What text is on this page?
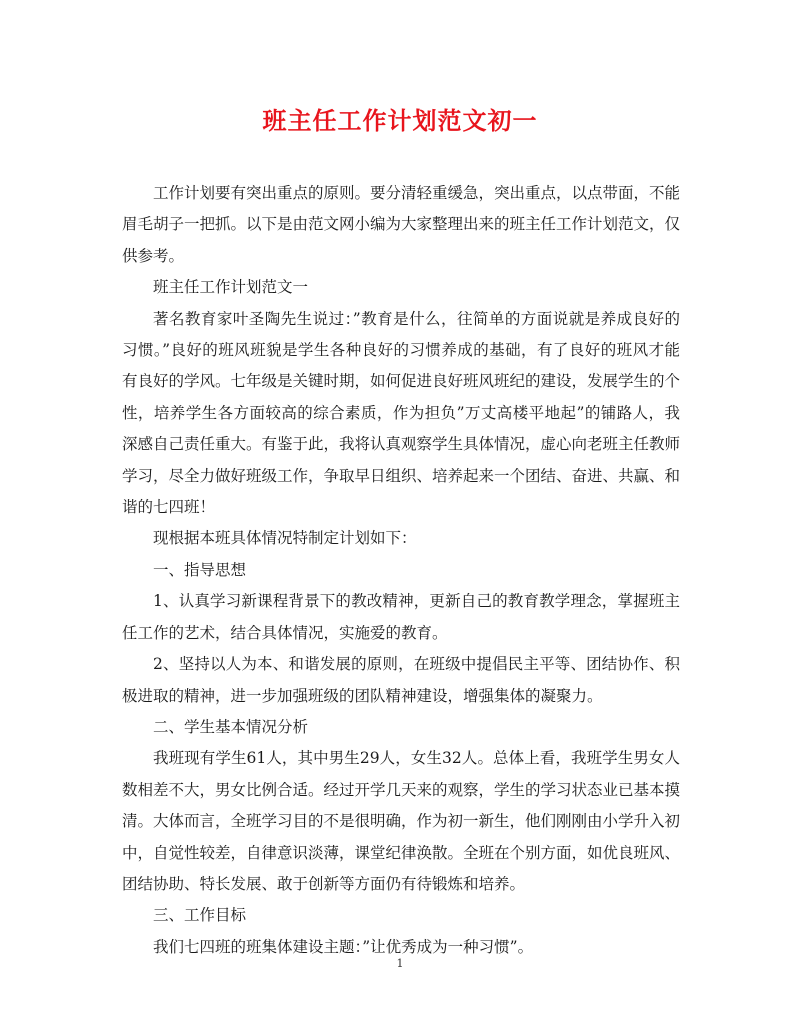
班主任工作计划范文初一

工作计划要有突出重点的原则。要分清轻重缓急，突出重点，以点带面，不能眉毛胡子一把抓。以下是由范文网小编为大家整理出来的班主任工作计划范文，仅供参考。

班主任工作计划范文一

著名教育家叶圣陶先生说过：”教育是什么，往简单的方面说就是养成良好的习惯。”良好的班风班貌是学生各种良好的习惯养成的基础，有了良好的班风才能有良好的学风。七年级是关键时期，如何促进良好班风班纪的建设，发展学生的个性，培养学生各方面较高的综合素质，作为担负”万丈高楼平地起”的铺路人，我深感自己责任重大。有鉴于此，我将认真观察学生具体情况，虚心向老班主任教师学习，尽全力做好班级工作，争取早日组织、培养起来一个团结、奋进、共赢、和谐的七四班！

现根据本班具体情况特制定计划如下：

一、指导思想

1、认真学习新课程背景下的教改精神，更新自己的教育教学理念，掌握班主任工作的艺术，结合具体情况，实施爱的教育。

2、坚持以人为本、和谐发展的原则，在班级中提倡民主平等、团结协作、积极进取的精神，进一步加强班级的团队精神建设，增强集体的凝聚力。

二、学生基本情况分析

我班现有学生61人，其中男生29人，女生32人。总体上看，我班学生男女人数相差不大，男女比例合适。经过开学几天来的观察，学生的学习状态业已基本摸清。大体而言，全班学习目的不是很明确，作为初一新生，他们刚刚由小学升入初中，自觉性较差，自律意识淡薄，课堂纪律涣散。全班在个别方面，如优良班风、团结协助、特长发展、敢于创新等方面仍有待锻炼和培养。

三、工作目标

我们七四班的班集体建设主题：”让优秀成为一种习惯”。

1
